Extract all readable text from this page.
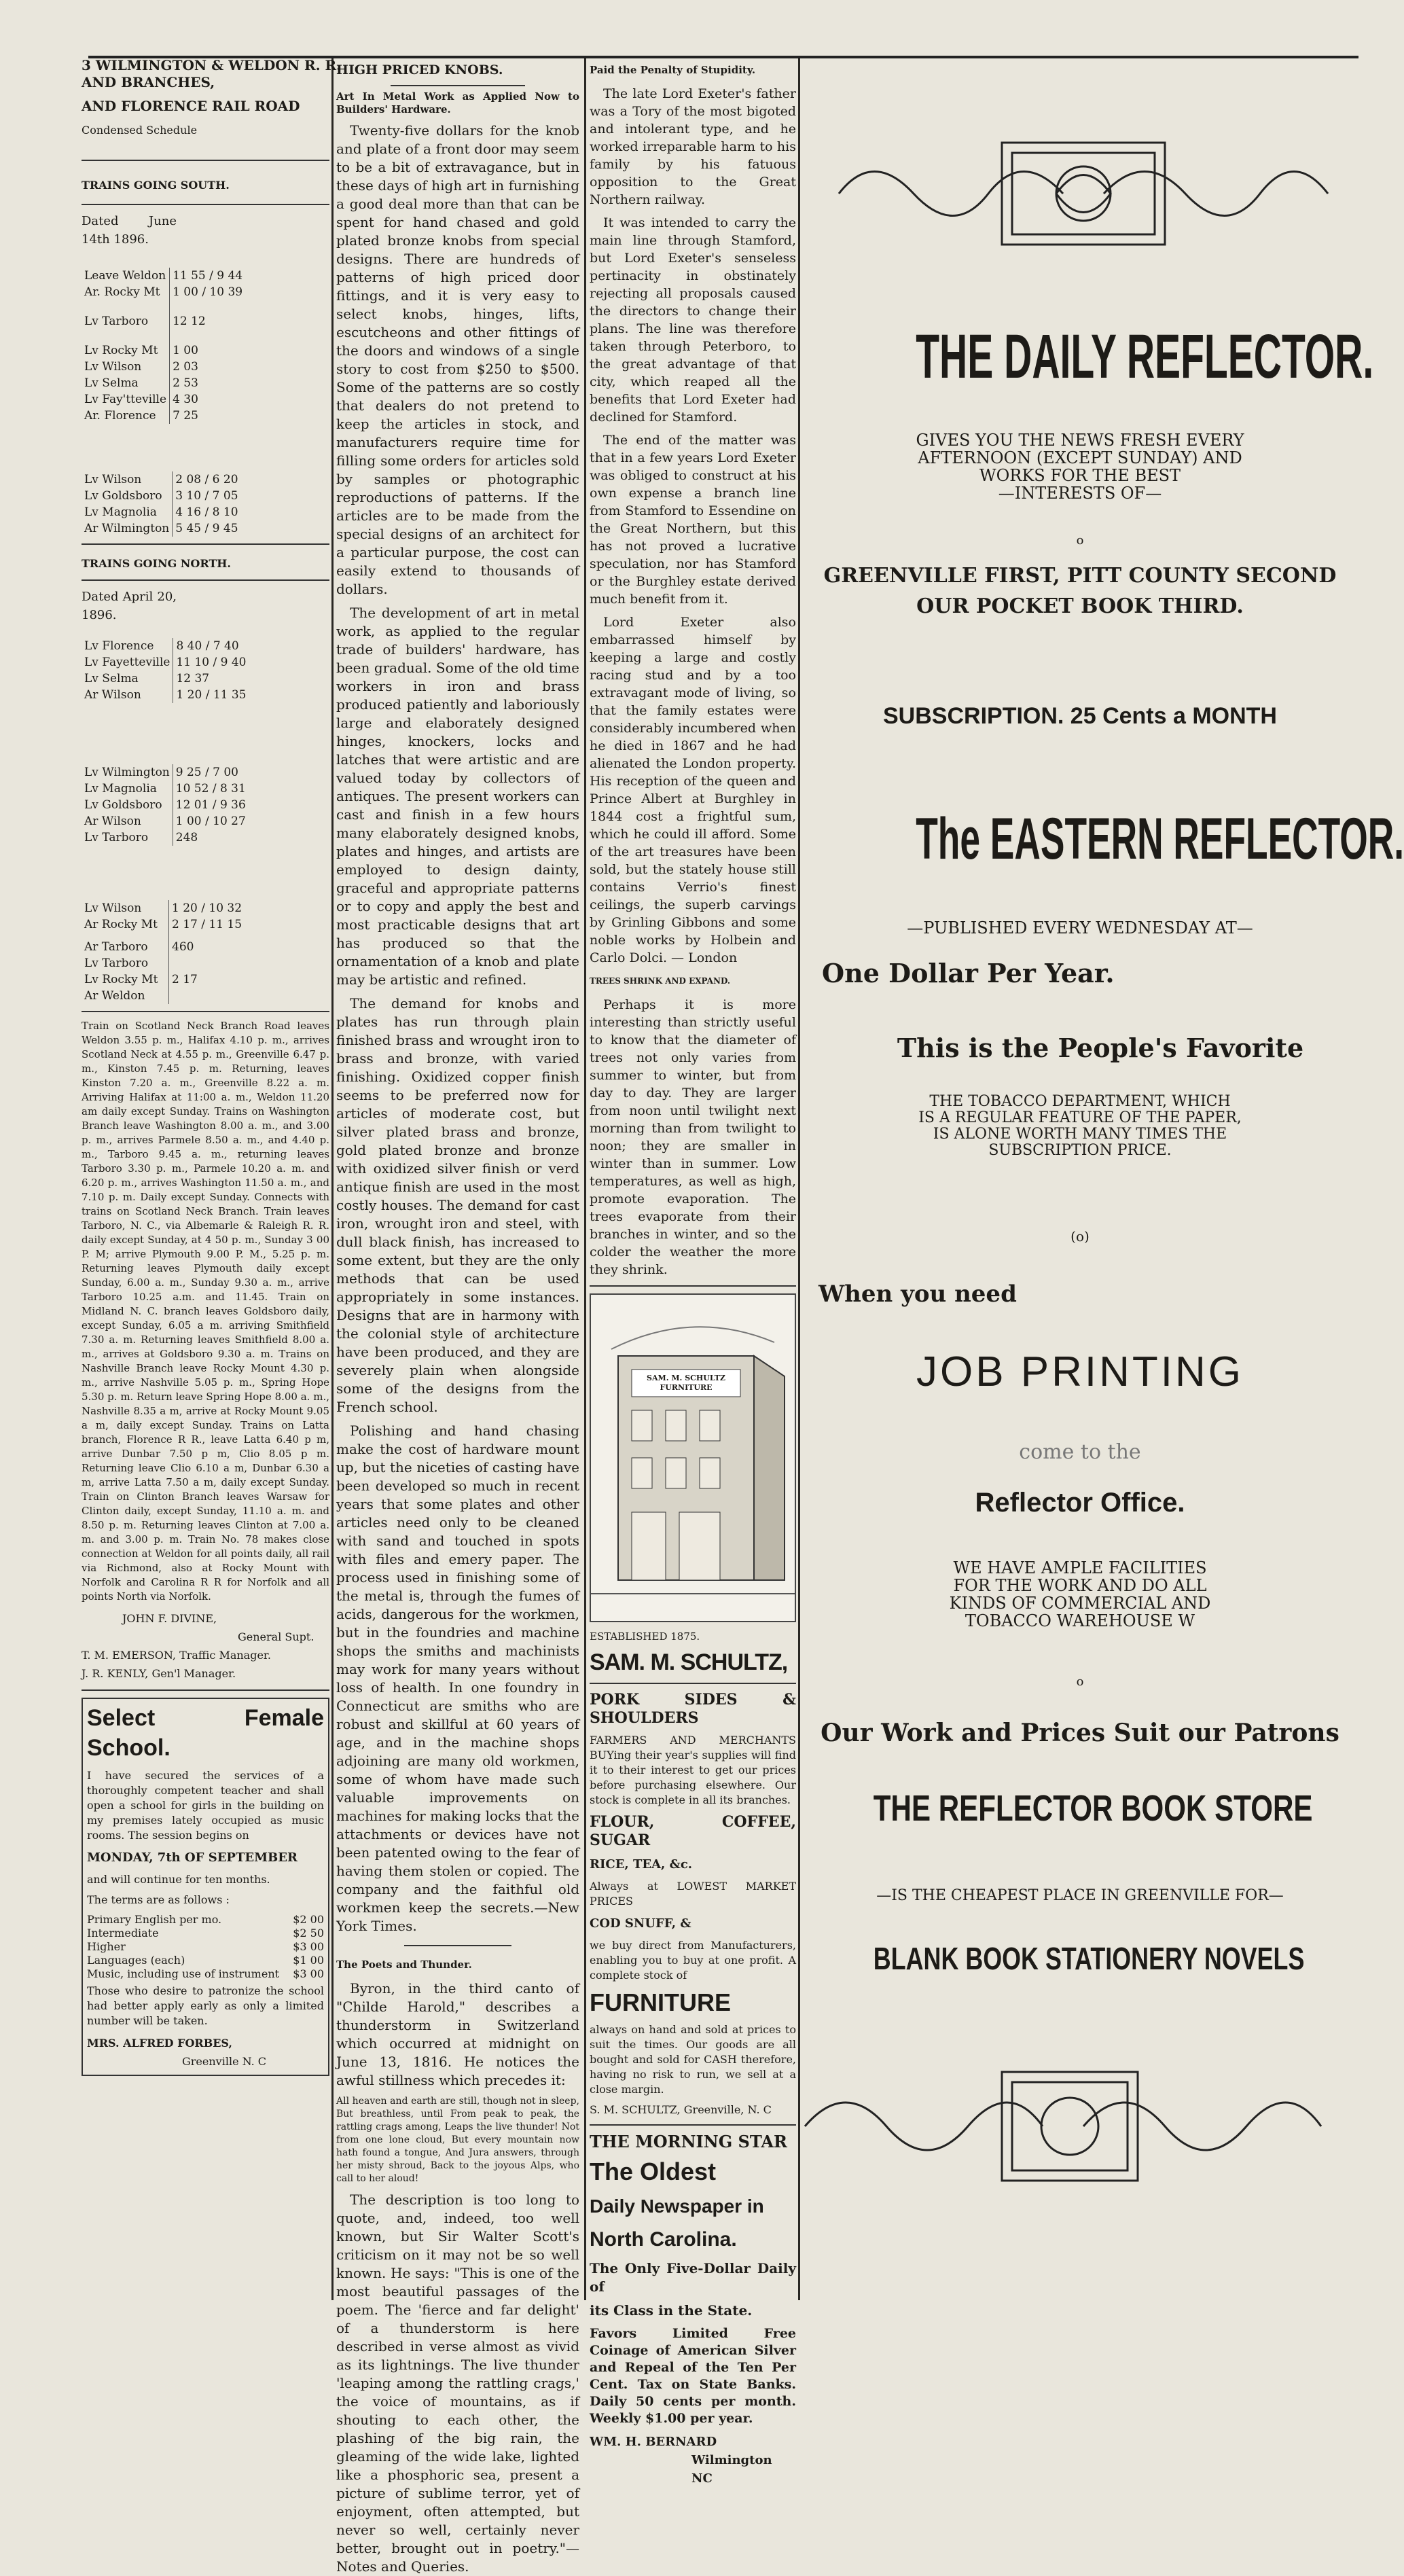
3 WILMINGTON & WELDON R. R.

AND BRANCHES,

AND FLORENCE RAIL ROAD

Condensed Schedule

TRAINS GOING SOUTH.

Dated June 14th 1896.

Leave Weldon	11 55 / 9 44
Ar. Rocky Mt	1 00 / 10 39
Lv Tarboro	12 12
Lv Rocky Mt	1 00
Lv Wilson	2 03
Lv Selma	2 53
Lv Fay'tteville	4 30
Ar. Florence	7 25
Lv Wilson	2 08 / 6 20
Lv Goldsboro	3 10 / 7 05
Lv Magnolia	4 16 / 8 10
Ar Wilmington	5 45 / 9 45

TRAINS GOING NORTH.

Dated April 20, 1896.

Lv Florence	8 40 / 7 40
Lv Fayetteville	11 10 / 9 40
Lv Selma	12 37
Ar Wilson	1 20 / 11 35
Lv Wilmington	9 25 / 7 00
Lv Magnolia	10 52 / 8 31
Lv Goldsboro	12 01 / 9 36
Ar Wilson	1 00 / 10 27
Lv Tarboro	248
Lv Wilson	1 20 / 10 32
Ar Rocky Mt	2 17 / 11 15
Ar Tarboro	460
Lv Tarboro	
Lv Rocky Mt	2 17
Ar Weldon	

Train on Scotland Neck Branch Road leaves Weldon 3.55 p. m., Halifax 4.10 p. m., arrives Scotland Neck at 4.55 p. m., Greenville 6.47 p. m., Kinston 7.45 p. m. Returning, leaves Kinston 7.20 a. m., Greenville 8.22 a. m. Arriving Halifax at 11:00 a. m., Weldon 11.20 am daily except Sunday. Trains on Washington Branch leave Washington 8.00 a. m., and 3.00 p. m., arrives Parmele 8.50 a. m., and 4.40 p. m., Tarboro 9.45 a. m., returning leaves Tarboro 3.30 p. m., Parmele 10.20 a. m. and 6.20 p. m., arrives Washington 11.50 a. m., and 7.10 p. m. Daily except Sunday. Connects with trains on Scotland Neck Branch. Train leaves Tarboro, N. C., via Albemarle & Raleigh R. R. daily except Sunday, at 4 50 p. m., Sunday 3 00 P. M; arrive Plymouth 9.00 P. M., 5.25 p. m. Returning leaves Plymouth daily except Sunday, 6.00 a. m., Sunday 9.30 a. m., arrive Tarboro 10.25 a.m. and 11.45. Train on Midland N. C. branch leaves Goldsboro daily, except Sunday, 6.05 a m. arriving Smithfield 7.30 a. m. Returning leaves Smithfield 8.00 a. m., arrives at Goldsboro 9.30 a. m. Trains on Nashville Branch leave Rocky Mount 4.30 p. m., arrive Nashville 5.05 p. m., Spring Hope 5.30 p. m. Return leave Spring Hope 8.00 a. m., Nashville 8.35 a m, arrive at Rocky Mount 9.05 a m, daily except Sunday. Trains on Latta branch, Florence R R., leave Latta 6.40 p m, arrive Dunbar 7.50 p m, Clio 8.05 p m. Returning leave Clio 6.10 a m, Dunbar 6.30 a m, arrive Latta 7.50 a m, daily except Sunday. Train on Clinton Branch leaves Warsaw for Clinton daily, except Sunday, 11.10 a. m. and 8.50 p. m. Returning leaves Clinton at 7.00 a. m. and 3.00 p. m. Train No. 78 makes close connection at Weldon for all points daily, all rail via Richmond, also at Rocky Mount with Norfolk and Carolina R R for Norfolk and all points North via Norfolk.

JOHN F. DIVINE,

General Supt.

T. M. EMERSON, Traffic Manager.

J. R. KENLY, Gen'l Manager.

Select Female School.

I have secured the services of a thoroughly competent teacher and shall open a school for girls in the building on my premises lately occupied as music rooms. The session begins on

MONDAY, 7th OF SEPTEMBER

and will continue for ten months.

The terms are as follows :

Primary English per mo.	$2 00
Intermediate	$2 50
Higher	$3 00
Languages (each)	$1 00
Music, including use of instrument $3 00

Those who desire to patronize the school had better apply early as only a limited number will be taken.

MRS. ALFRED FORBES,

Greenville N. C

HIGH PRICED KNOBS.

Art In Metal Work as Applied Now to Builders' Hardware.

Twenty-five dollars for the knob and plate of a front door may seem to be a bit of extravagance, but in these days of high art in furnishing a good deal more than that can be spent for hand chased and gold plated bronze knobs from special designs. There are hundreds of patterns of high priced door fittings, and it is very easy to select knobs, hinges, lifts, escutcheons and other fittings of the doors and windows of a single story to cost from $250 to $500. Some of the patterns are so costly that dealers do not pretend to keep the articles in stock, and manufacturers require time for filling some orders for articles sold by samples or photographic reproductions of patterns. If the articles are to be made from the special designs of an architect for a particular purpose, the cost can easily extend to thousands of dollars.

The development of art in metal work, as applied to the regular trade of builders' hardware, has been gradual. Some of the old time workers in iron and brass produced patiently and laboriously large and elaborately designed hinges, knockers, locks and latches that were artistic and are valued today by collectors of antiques. The present workers can cast and finish in a few hours many elaborately designed knobs, plates and hinges, and artists are employed to design dainty, graceful and appropriate patterns or to copy and apply the best and most practicable designs that art has produced so that the ornamentation of a knob and plate may be artistic and refined.

The demand for knobs and plates has run through plain finished brass and wrought iron to brass and bronze, with varied finishing. Oxidized copper finish seems to be preferred now for articles of moderate cost, but silver plated brass and bronze, gold plated bronze and bronze with oxidized silver finish or verd antique finish are used in the most costly houses. The demand for cast iron, wrought iron and steel, with dull black finish, has increased to some extent, but they are the only methods that can be used appropriately in some instances. Designs that are in harmony with the colonial style of architecture have been produced, and they are severely plain when alongside some of the designs from the French school.

Polishing and hand chasing make the cost of hardware mount up, but the niceties of casting have been developed so much in recent years that some plates and other articles need only to be cleaned with sand and touched in spots with files and emery paper. The process used in finishing some of the metal is, through the fumes of acids, dangerous for the workmen, but in the foundries and machine shops the smiths and machinists may work for many years without loss of health. In one foundry in Connecticut are smiths who are robust and skillful at 60 years of age, and in the machine shops adjoining are many old workmen, some of whom have made such valuable improvements on machines for making locks that the attachments or devices have not been patented owing to the fear of having them stolen or copied. The company and the faithful old workmen keep the secrets.—New York Times.

The Poets and Thunder.

Byron, in the third canto of "Childe Harold," describes a thunderstorm in Switzerland which occurred at midnight on June 13, 1816. He notices the awful stillness which precedes it:

All heaven and earth are still, though not in sleep, But breathless, until From peak to peak, the rattling crags among, Leaps the live thunder! Not from one lone cloud, But every mountain now hath found a tongue, And Jura answers, through her misty shroud, Back to the joyous Alps, who call to her aloud!

The description is too long to quote, and, indeed, too well known, but Sir Walter Scott's criticism on it may not be so well known. He says: "This is one of the most beautiful passages of the poem. The 'fierce and far delight' of a thunderstorm is here described in verse almost as vivid as its lightnings. The live thunder 'leaping among the rattling crags,' the voice of mountains, as if shouting to each other, the plashing of the big rain, the gleaming of the wide lake, lighted like a phosphoric sea, present a picture of sublime terror, yet of enjoyment, often attempted, but never so well, certainly never better, brought out in poetry."—Notes and Queries.

Paid the Penalty of Stupidity.

The late Lord Exeter's father was a Tory of the most bigoted and intolerant type, and he worked irreparable harm to his family by his fatuous opposition to the Great Northern railway.

It was intended to carry the main line through Stamford, but Lord Exeter's senseless pertinacity in obstinately rejecting all proposals caused the directors to change their plans. The line was therefore taken through Peterboro, to the great advantage of that city, which reaped all the benefits that Lord Exeter had declined for Stamford.

The end of the matter was that in a few years Lord Exeter was obliged to construct at his own expense a branch line from Stamford to Essendine on the Great Northern, but this has not proved a lucrative speculation, nor has Stamford or the Burghley estate derived much benefit from it.

Lord Exeter also embarrassed himself by keeping a large and costly racing stud and by a too extravagant mode of living, so that the family estates were considerably incumbered when he died in 1867 and he had alienated the London property. His reception of the queen and Prince Albert at Burghley in 1844 cost a frightful sum, which he could ill afford. Some of the art treasures have been sold, but the stately house still contains Verrio's finest ceilings, the superb carvings by Grinling Gibbons and some noble works by Holbein and Carlo Dolci. — London

TREES SHRINK AND EXPAND.

Perhaps it is more interesting than strictly useful to know that the diameter of trees not only varies from summer to winter, but from day to day. They are larger from noon until twilight next morning than from twilight to noon; they are smaller in winter than in summer. Low temperatures, as well as high, promote evaporation. The trees evaporate from their branches in winter, and so the colder the weather the more they shrink.

SAM. M. SCHULTZ FURNITURE

ESTABLISHED 1875.

SAM. M. SCHULTZ,

PORK SIDES & SHOULDERS

FARMERS AND MERCHANTS BUYing their year's supplies will find it to their interest to get our prices before purchasing elsewhere. Our stock is complete in all its branches.

FLOUR, COFFEE, SUGAR

RICE, TEA, &c.

Always at LOWEST MARKET PRICES

COD SNUFF, &

we buy direct from Manufacturers, enabling you to buy at one profit. A complete stock of

FURNITURE

always on hand and sold at prices to suit the times. Our goods are all bought and sold for CASH therefore, having no risk to run, we sell at a close margin.

S. M. SCHULTZ, Greenville, N. C

THE MORNING STAR

The Oldest

Daily Newspaper in

North Carolina.

The Only Five-Dollar Daily of

its Class in the State.

Favors Limited Free Coinage of American Silver and Repeal of the Ten Per Cent. Tax on State Banks. Daily 50 cents per month. Weekly $1.00 per year.

WM. H. BERNARD

Wilmington NC

THE DAILY REFLECTOR.
GIVES YOU THE NEWS FRESH EVERY
AFTERNOON (EXCEPT SUNDAY) AND
WORKS FOR THE BEST
—INTERESTS OF—
o
GREENVILLE FIRST, PITT COUNTY SECOND
OUR POCKET BOOK THIRD.
SUBSCRIPTION. 25 Cents a MONTH
The EASTERN REFLECTOR.
—PUBLISHED EVERY WEDNESDAY AT—
One Dollar Per Year.
This is the People's Favorite
THE TOBACCO DEPARTMENT, WHICH
IS A REGULAR FEATURE OF THE PAPER,
IS ALONE WORTH MANY TIMES THE
SUBSCRIPTION PRICE.
(o)
When you need
JOB PRINTING
come to the
Reflector Office.
WE HAVE AMPLE FACILITIES
FOR THE WORK AND DO ALL
KINDS OF COMMERCIAL AND
TOBACCO WAREHOUSE W
o
Our Work and Prices Suit our Patrons
THE REFLECTOR BOOK STORE
—IS THE CHEAPEST PLACE IN GREENVILLE FOR—
BLANK BOOK STATIONERY NOVELS
